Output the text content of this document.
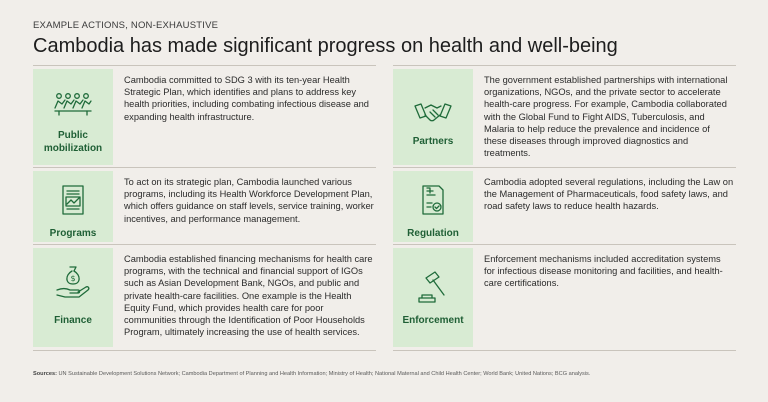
EXAMPLE ACTIONS, NON-EXHAUSTIVE
Cambodia has made significant progress on health and well-being
Public mobilization
Cambodia committed to SDG 3 with its ten-year Health Strategic Plan, which identifies and plans to address key health priorities, including combating infectious disease and expanding health infrastructure.
Programs
To act on its strategic plan, Cambodia launched various programs, including its Health Workforce Development Plan, which offers guidance on staff levels, service training, worker incentives, and performance management.
$
Finance
Cambodia established financing mechanisms for health care programs, with the technical and financial support of IGOs such as Asian Development Bank, NGOs, and public and private health-care facilities. One example is the Health Equity Fund, which provides health care for poor communities through the Identification of Poor Households Program, ultimately increasing the use of health services.
Partners
The government established partnerships with international organizations, NGOs, and the private sector to accelerate health-care progress. For example, Cambodia collaborated with the Global Fund to Fight AIDS, Tuberculosis, and Malaria to help reduce the prevalence and incidence of these diseases through improved diagnostics and treatments.
Regulation
Cambodia adopted several regulations, including the Law on the Management of Pharmaceuticals, food safety laws, and road safety laws to reduce health hazards.
Enforcement
Enforcement mechanisms included accreditation systems for infectious disease monitoring and facilities, and health-care certifications.
Sources: UN Sustainable Development Solutions Network; Cambodia Department of Planning and Health Information; Ministry of Health; National Maternal and Child Health Center; World Bank; United Nations; BCG analysis.
